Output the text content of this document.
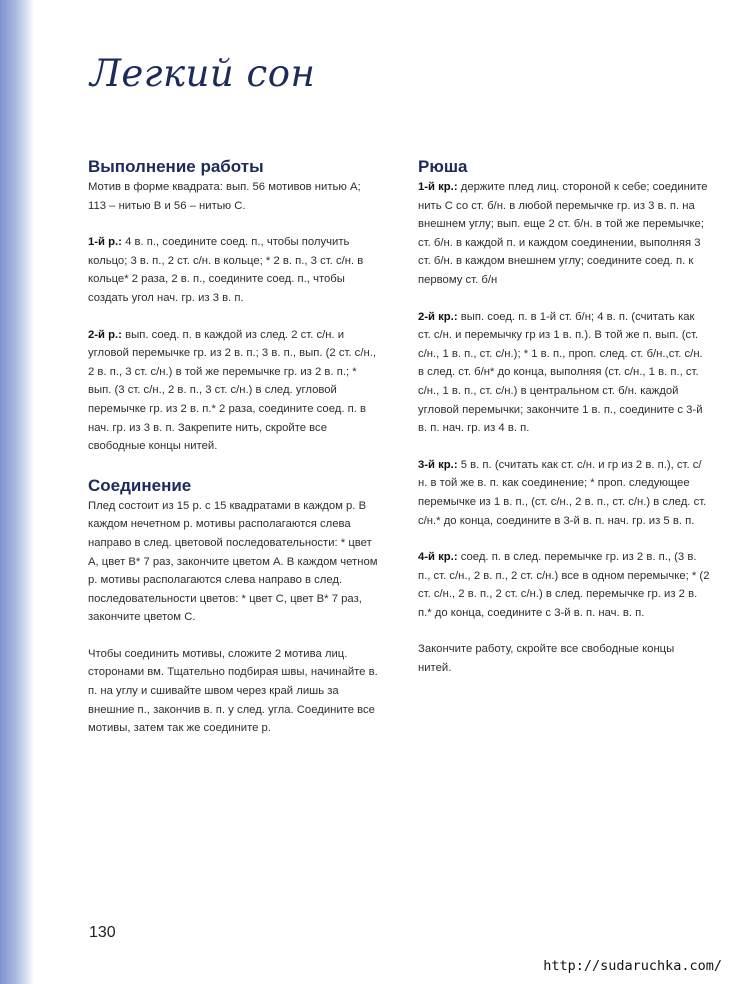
Легкий сон
Выполнение работы

Мотив в форме квадрата: вып. 56 мотивов нитью А; 113 – нитью В и 56 – нитью С.

1-й р.: 4 в. п., соедините соед. п., чтобы получить кольцо; 3 в. п., 2 ст. с/н. в кольце; * 2 в. п., 3 ст. с/н. в кольце* 2 раза, 2 в. п., соедините соед. п., чтобы создать угол нач. гр. из 3 в. п.

2-й р.: вып. соед. п. в каждой из след. 2 ст. с/н. и угловой перемычке гр. из 2 в. п.; 3 в. п., вып. (2 ст. с/н., 2 в. п., 3 ст. с/н.) в той же перемычке гр. из 2 в. п.; * вып. (3 ст. с/н., 2 в. п., 3 ст. с/н.) в след. угловой перемычке гр. из 2 в. п.* 2 раза, соедините соед. п. в нач. гр. из 3 в. п. Закрепите нить, скройте все свободные концы нитей.

Соединение

Плед состоит из 15 р. с 15 квадратами в каждом р. В каждом нечетном р. мотивы располагаются слева направо в след. цветовой последовательности: * цвет А, цвет В* 7 раз, закончите цветом А. В каждом четном р. мотивы располагаются слева направо в след. последовательности цветов: * цвет С, цвет В* 7 раз, закончите цветом С.

Чтобы соединить мотивы, сложите 2 мотива лиц. сторонами вм. Тщательно подбирая швы, начинайте в. п. на углу и сшивайте швом через край лишь за внешние п., закончив в. п. у след. угла. Соедините все мотивы, затем так же соедините р.

Рюша

1-й кр.: держите плед лиц. стороной к себе; соедините нить С со ст. б/н. в любой перемычке гр. из 3 в. п. на внешнем углу; вып. еще 2 ст. б/н. в той же перемычке; ст. б/н. в каждой п. и каждом соединении, выполняя 3 ст. б/н. в каждом внешнем углу; соедините соед. п. к первому ст. б/н

2-й кр.: вып. соед. п. в 1-й ст. б/н; 4 в. п. (считать как ст. с/н. и перемычку гр из 1 в. п.). В той же п. вып. (ст. с/н., 1 в. п., ст. с/н.); * 1 в. п., проп. след. ст. б/н.,ст. с/н. в след. ст. б/н* до конца, выполняя (ст. с/н., 1 в. п., ст. с/н., 1 в. п., ст. с/н.) в центральном ст. б/н. каждой угловой перемычки; закончите 1 в. п., соедините с 3-й в. п. нач. гр. из 4 в. п.

3-й кр.: 5 в. п. (считать как ст. с/н. и гр из 2 в. п.), ст. с/н. в той же в. п. как соединение; * проп. следующее перемычке из 1 в. п., (ст. с/н., 2 в. п., ст. с/н.) в след. ст. с/н.* до конца, соедините в 3-й в. п. нач. гр. из 5 в. п.

4-й кр.: соед. п. в след. перемычке гр. из 2 в. п., (3 в. п., ст. с/н., 2 в. п., 2 ст. с/н.) все в одном перемычке; * (2 ст. с/н., 2 в. п., 2 ст. с/н.) в след. перемычке гр. из 2 в. п.* до конца, соедините с 3-й в. п. нач. в. п.

Закончите работу, скройте все свободные концы нитей.

130
http://sudaruchka.com/
